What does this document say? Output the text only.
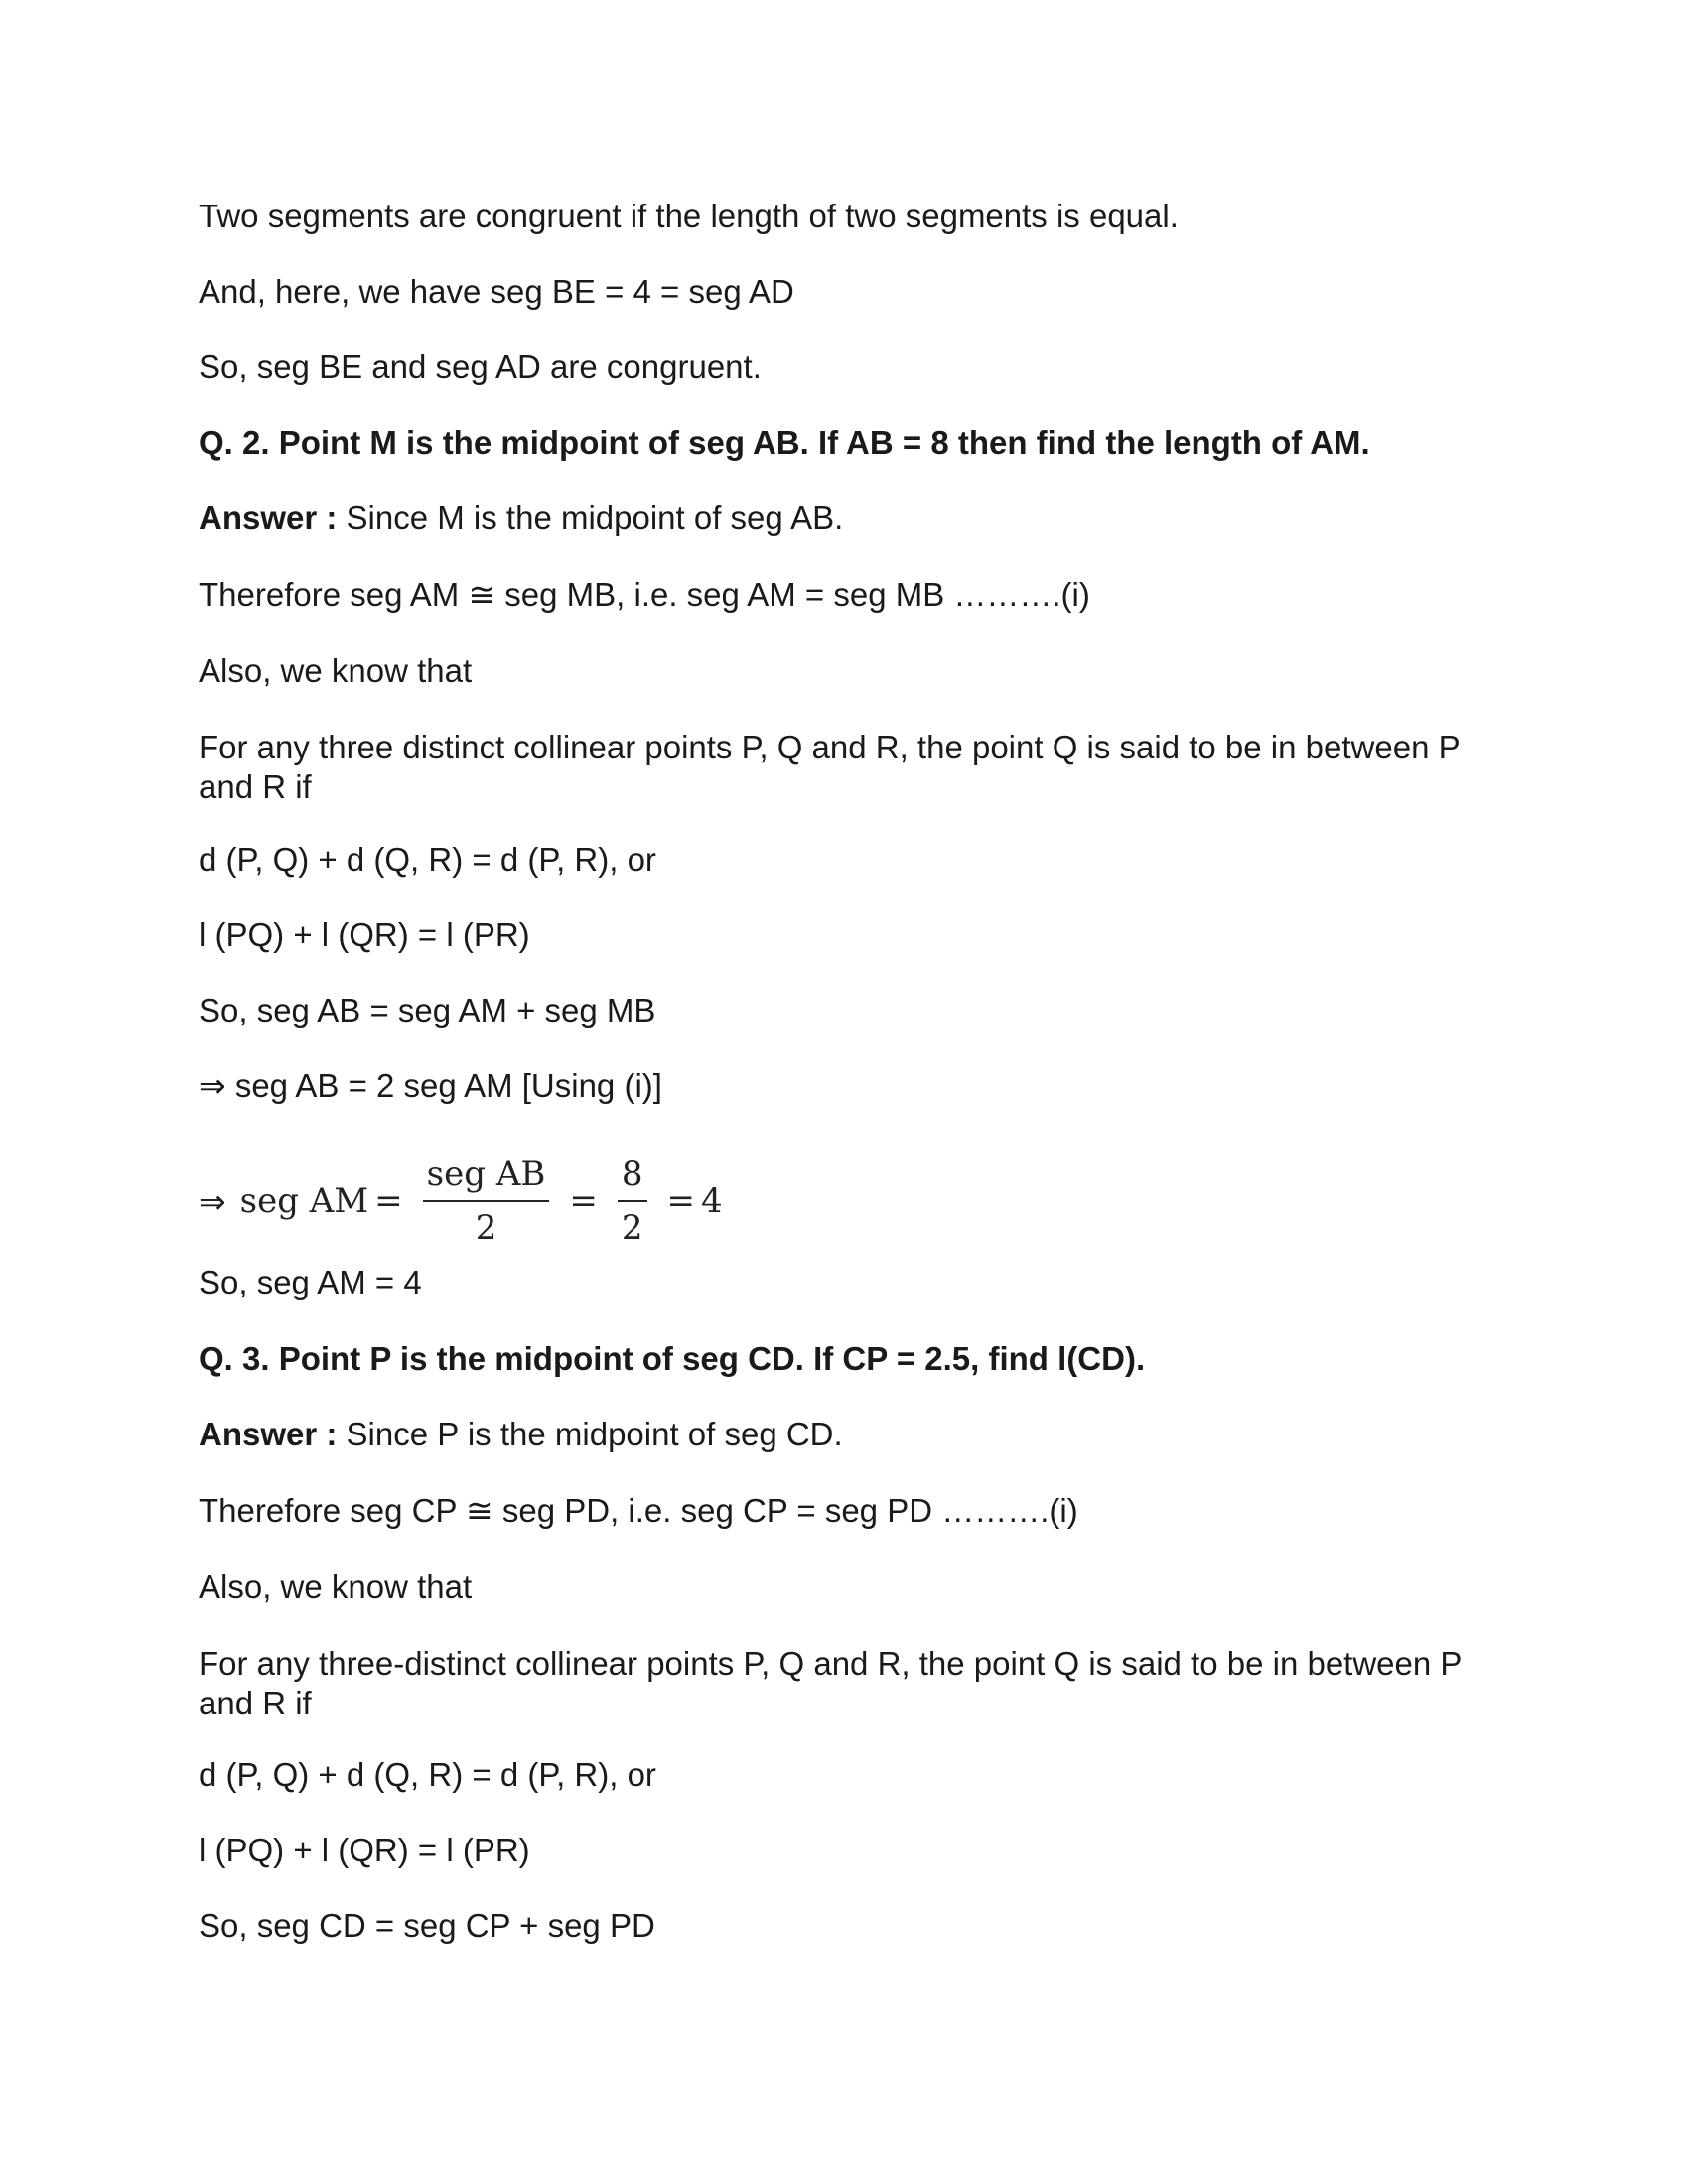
Two segments are congruent if the length of two segments is equal.

And, here, we have seg BE = 4 = seg AD

So, seg BE and seg AD are congruent.

Q. 2. Point M is the midpoint of seg AB. If AB = 8 then find the length of AM.

Answer : Since M is the midpoint of seg AB.

Therefore seg AM ≅ seg MB, i.e. seg AM = seg MB ……….(i)

Also, we know that

For any three distinct collinear points P, Q and R, the point Q is said to be in between P and R if

d (P, Q) + d (Q, R) = d (P, R), or

l (PQ) + l (QR) = l (PR)

So, seg AB = seg AM + seg MB

⇒ seg AB = 2 seg AM [Using (i)]

⇒ seg AM = $\frac{\text{seg AB}}{2} = \frac{8}{2} = 4$

So, seg AM = 4

Q. 3. Point P is the midpoint of seg CD. If CP = 2.5, find l(CD).

Answer : Since P is the midpoint of seg CD.

Therefore seg CP ≅ seg PD, i.e. seg CP = seg PD ……….(i)

Also, we know that

For any three-distinct collinear points P, Q and R, the point Q is said to be in between P and R if

d (P, Q) + d (Q, R) = d (P, R), or

l (PQ) + l (QR) = l (PR)

So, seg CD = seg CP + seg PD
